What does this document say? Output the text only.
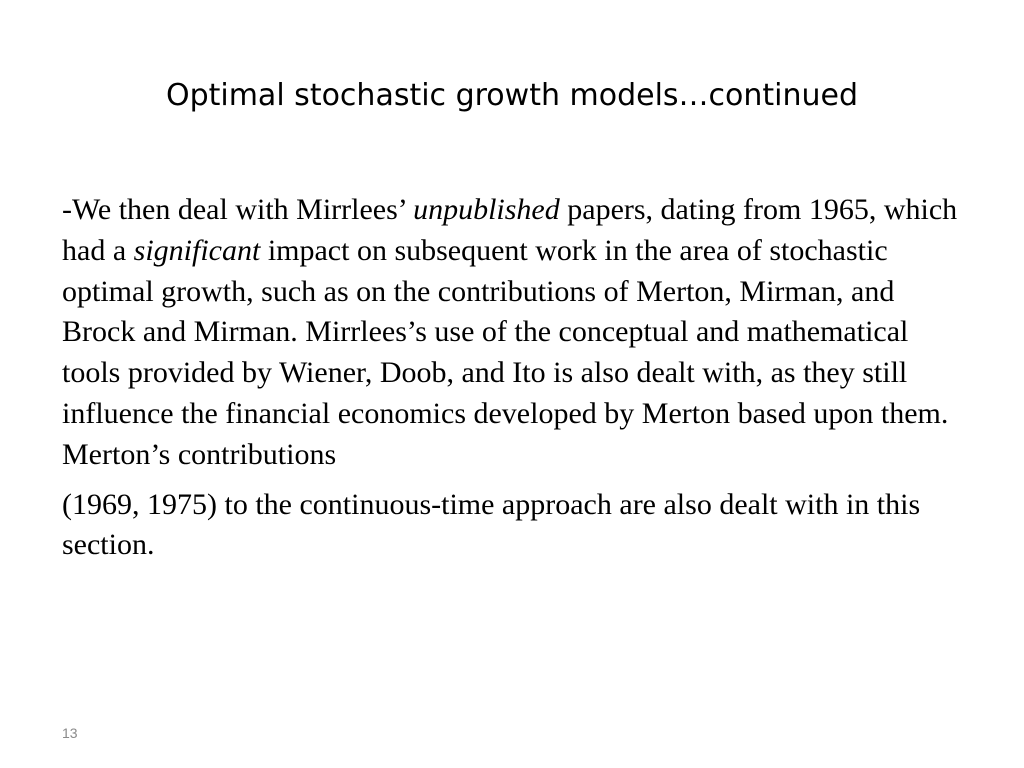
Optimal stochastic growth models…continued

-We then deal with Mirrlees’ unpublished papers, dating from 1965, which had a significant impact on subsequent work in the area of stochastic optimal growth, such as on the contributions of Merton, Mirman, and Brock and Mirman. Mirrlees’s use of the conceptual and mathematical tools provided by Wiener, Doob, and Ito is also dealt with, as they still influence the financial economics developed by Merton based upon them. Merton’s contributions

(1969, 1975) to the continuous-time approach are also dealt with in this section.

13
